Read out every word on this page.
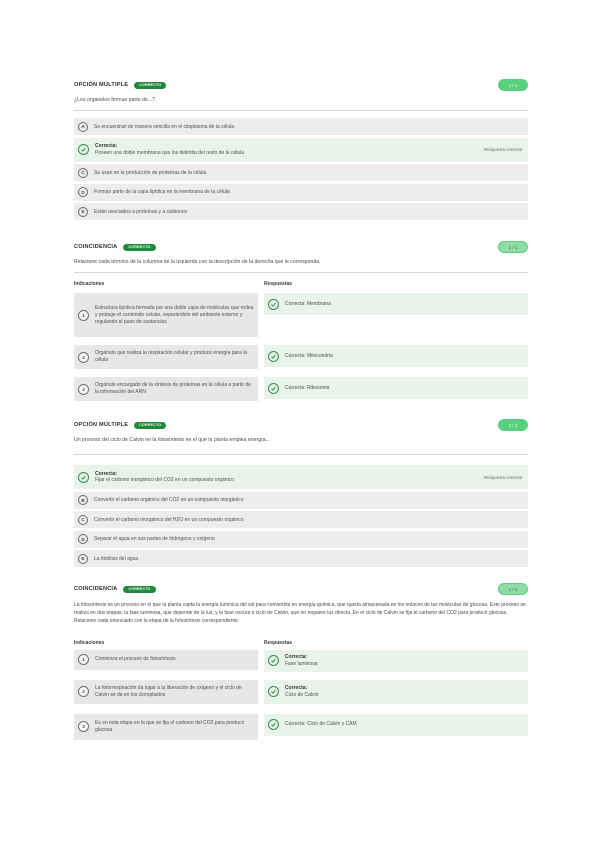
OPCIÓN MÚLTIPLE	CORRECTO	1 / 1
¿Los organelos forman parte de...?
A	Se encuentran de manera sencilla en el citoplasma de la célula
Correcta:
Poseen una doble membrana que los delimita del resto de la célula	Respuesta correcta
C	Se usan en la producción de proteínas de la célula
D	Forman parte de la capa lipídica en la membrana de la célula
E	Están asociados a proteínas y a carbonos
COINCIDENCIA	CORRECTO	1 / 1
Relacione cada término de la columna de la izquierda con la descripción de la derecha que le corresponda.
Indicaciones	Respuestas
1
Estructura lipídica formada por una doble capa de moléculas que rodea y protege el contenido celular, separándolo del ambiente externo y regulando el paso de sustancias
Correcta: Membrana
2
Orgánulo que realiza la respiración celular y produce energía para la célula
Correcta: Mitocondria
3
Orgánulo encargado de la síntesis de proteínas en la célula a partir de la información del ARN
Correcta: Ribosoma
OPCIÓN MÚLTIPLE	CORRECTO	1 / 1
Un proceso del ciclo de Calvin en la fotosíntesis en el que la planta emplea energía...
Correcta:
Fijar el carbono inorgánico del CO2 en un compuesto orgánico	Respuesta correcta
B	Convertir el carbono orgánico del CO2 en un compuesto inorgánico
C	Convertir el carbono inorgánico del H2O en un compuesto orgánico
D	Separar el agua en sus partes de hidrógeno y oxígeno
E	La fotólisis del agua
COINCIDENCIA	CORRECTO	1 / 1
La fotosíntesis es un proceso en el que la planta capta la energía lumínica del sol para convertirla en energía química, que queda almacenada en los enlaces de las moléculas de glucosa. Este proceso se realiza en dos etapas: la fase luminosa, que depende de la luz, y la fase oscura o ciclo de Calvin, que no requiere luz directa. En el ciclo de Calvin se fija el carbono del CO2 para producir glucosa. Relacione cada enunciado con la etapa de la fotosíntesis correspondiente.
Indicaciones	Respuestas
1	Comienza el proceso de fotosíntesis	Correcta:
Fase luminosa
2
La fotorrespiración da lugar a la liberación de oxígeno y el ciclo de Calvin se da en los cloroplastos
Correcta:
Ciclo de Calvin
3
Es en esta etapa en la que se fija el carbono del CO2 para producir glucosa
Correcta: Ciclo de Calvin y CAM
